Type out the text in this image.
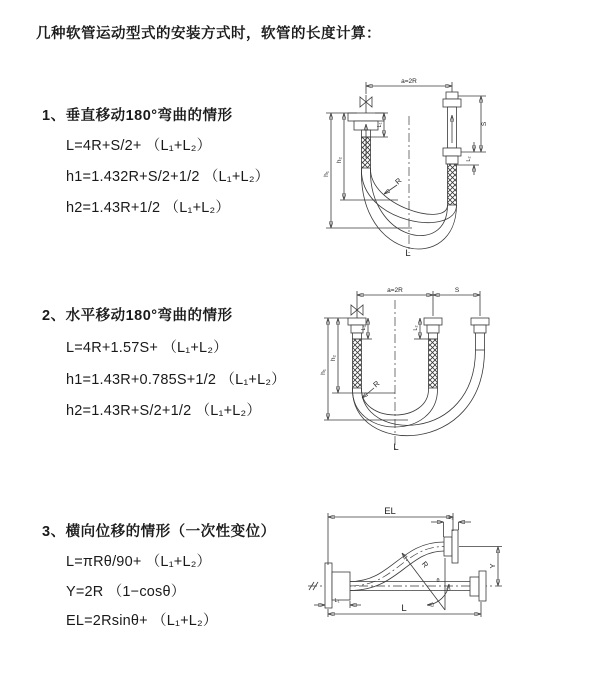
几种软管运动型式的安装方式时，软管的长度计算：
1、垂直移动180°弯曲的情形
L=4R+S/2+ （L₁+L₂）
h1=1.432R+S/2+1/2 （L₁+L₂）
h2=1.43R+1/2 （L₁+L₂）
2、水平移动180°弯曲的情形
L=4R+1.57S+ （L₁+L₂）
h1=1.43R+0.785S+1/2 （L₁+L₂）
h2=1.43R+S/2+1/2 （L₁+L₂）
3、横向位移的情形（一次性变位）
L=πRθ/90+ （L₁+L₂）
Y=2R （1−cosθ）
EL=2Rsinθ+ （L₁+L₂）
a=2R
L₁	S
L₂
h₂
h₁
R
L
a=2R	S
L₁	L₂
h₂
h₁
R
L
EL
L₂
Y
R
θ
L₁
L
